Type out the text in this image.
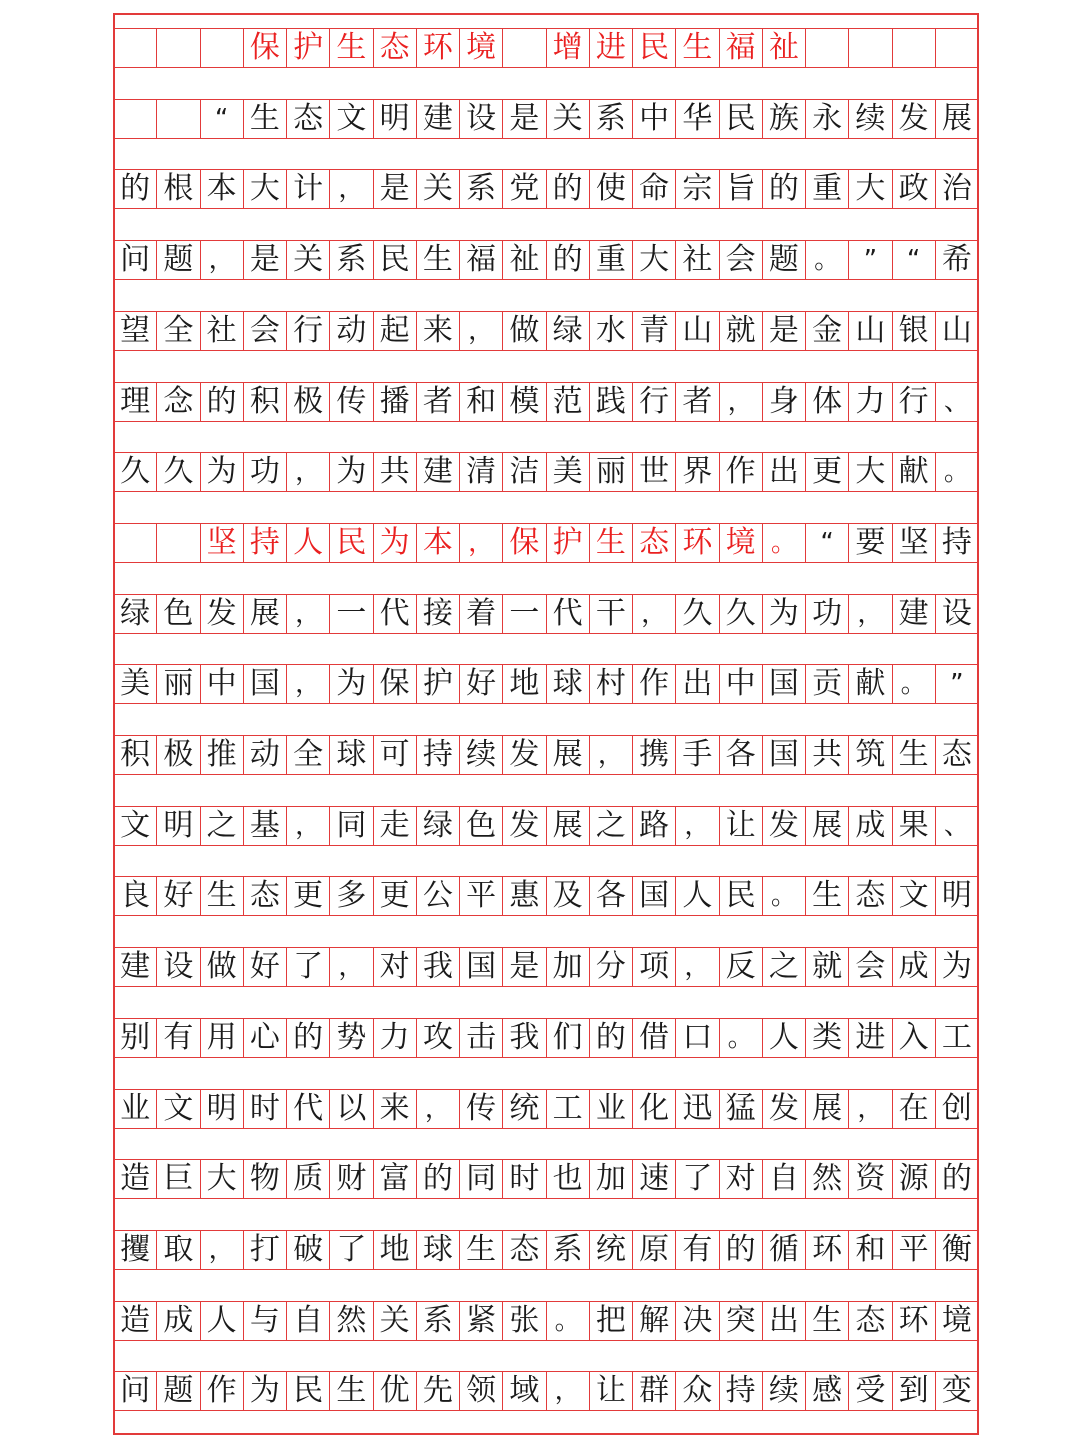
保 护 生 态 环 境 增 进 民 生 福 祉
“ 生 态 文 明 建 设 是 关 系 中 华 民 族 永 续 发 展
的 根 本 大 计 ， 是 关 系 党 的 使 命 宗 旨 的 重 大 政 治
问 题 ， 是 关 系 民 生 福 祉 的 重 大 社 会 题 。 ”	“ 希
望 全 社 会 行 动 起 来 ， 做 绿 水 青 山 就 是 金 山 银 山
理 念 的 积 极 传 播 者 和 模 范 践 行 者 ， 身 体 力 行 、
久 久 为 功 ， 为 共 建 清 洁 美 丽 世 界 作 出 更 大 献 。
坚 持 人 民 为 本 ， 保 护 生 态 环 境 。 “ 要 坚 持
绿 色 发 展 ， 一 代 接 着 一 代 干 ， 久 久 为 功 ， 建 设
美 丽 中 国 ， 为 保 护 好 地 球 村 作 出 中 国 贡 献 。 ”
积 极 推 动 全 球 可 持 续 发 展 ， 携 手 各 国 共 筑 生 态
文 明 之 基 ， 同 走 绿 色 发 展 之 路 ， 让 发 展 成 果 、
良 好 生 态 更 多 更 公 平 惠 及 各 国 人 民 。 生 态 文 明
建 设 做 好 了 ， 对 我 国 是 加 分 项 ， 反 之 就 会 成 为
别 有 用 心 的 势 力 攻 击 我 们 的 借 口 。 人 类 进 入 工
业 文 明 时 代 以 来 ， 传 统 工 业 化 迅 猛 发 展 ， 在 创
造 巨 大 物 质 财 富 的 同 时 也 加 速 了 对 自 然 资 源 的
攫 取 ， 打 破 了 地 球 生 态 系 统 原 有 的 循 环 和 平 衡
造 成 人 与 自 然 关 系 紧 张 。 把 解 决 突 出 生 态 环 境
问 题 作 为 民 生 优 先 领 域 ， 让 群 众 持 续 感 受 到 变
